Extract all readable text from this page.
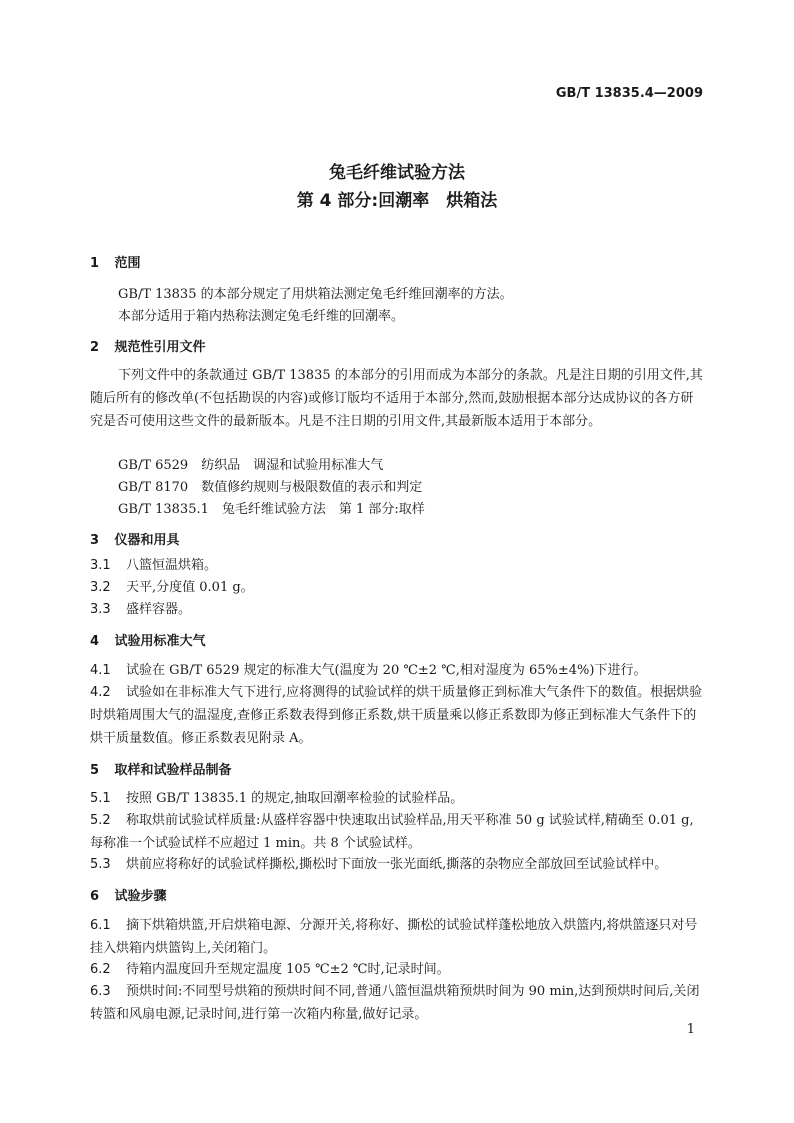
GB/T 13835.4—2009
兔毛纤维试验方法
第 4 部分:回潮率　烘箱法
1 范围
GB/T 13835 的本部分规定了用烘箱法测定兔毛纤维回潮率的方法。
本部分适用于箱内热称法测定兔毛纤维的回潮率。
2 规范性引用文件
下列文件中的条款通过 GB/T 13835 的本部分的引用而成为本部分的条款。凡是注日期的引用文件,其随后所有的修改单(不包括勘误的内容)或修订版均不适用于本部分,然而,鼓励根据本部分达成协议的各方研究是否可使用这些文件的最新版本。凡是不注日期的引用文件,其最新版本适用于本部分。
GB/T 6529　纺织品　调湿和试验用标准大气
GB/T 8170　数值修约规则与极限数值的表示和判定
GB/T 13835.1　兔毛纤维试验方法　第 1 部分:取样
3 仪器和用具
3.1 八篮恒温烘箱。
3.2 天平,分度值 0.01 g。
3.3 盛样容器。
4 试验用标准大气
4.1 试验在 GB/T 6529 规定的标准大气(温度为 20 ℃±2 ℃,相对湿度为 65%±4%)下进行。
4.2 试验如在非标准大气下进行,应将测得的试验试样的烘干质量修正到标准大气条件下的数值。根据烘验时烘箱周围大气的温湿度,查修正系数表得到修正系数,烘干质量乘以修正系数即为修正到标准大气条件下的烘干质量数值。修正系数表见附录 A。
5 取样和试验样品制备
5.1 按照 GB/T 13835.1 的规定,抽取回潮率检验的试验样品。
5.2 称取烘前试验试样质量:从盛样容器中快速取出试验样品,用天平称准 50 g 试验试样,精确至 0.01 g,每称准一个试验试样不应超过 1 min。共 8 个试验试样。
5.3 烘前应将称好的试验试样撕松,撕松时下面放一张光面纸,撕落的杂物应全部放回至试验试样中。
6 试验步骤
6.1 摘下烘箱烘篮,开启烘箱电源、分源开关,将称好、撕松的试验试样蓬松地放入烘篮内,将烘篮逐只对号挂入烘箱内烘篮钩上,关闭箱门。
6.2 待箱内温度回升至规定温度 105 ℃±2 ℃时,记录时间。
6.3 预烘时间:不同型号烘箱的预烘时间不同,普通八篮恒温烘箱预烘时间为 90 min,达到预烘时间后,关闭转篮和风扇电源,记录时间,进行第一次箱内称量,做好记录。
1
